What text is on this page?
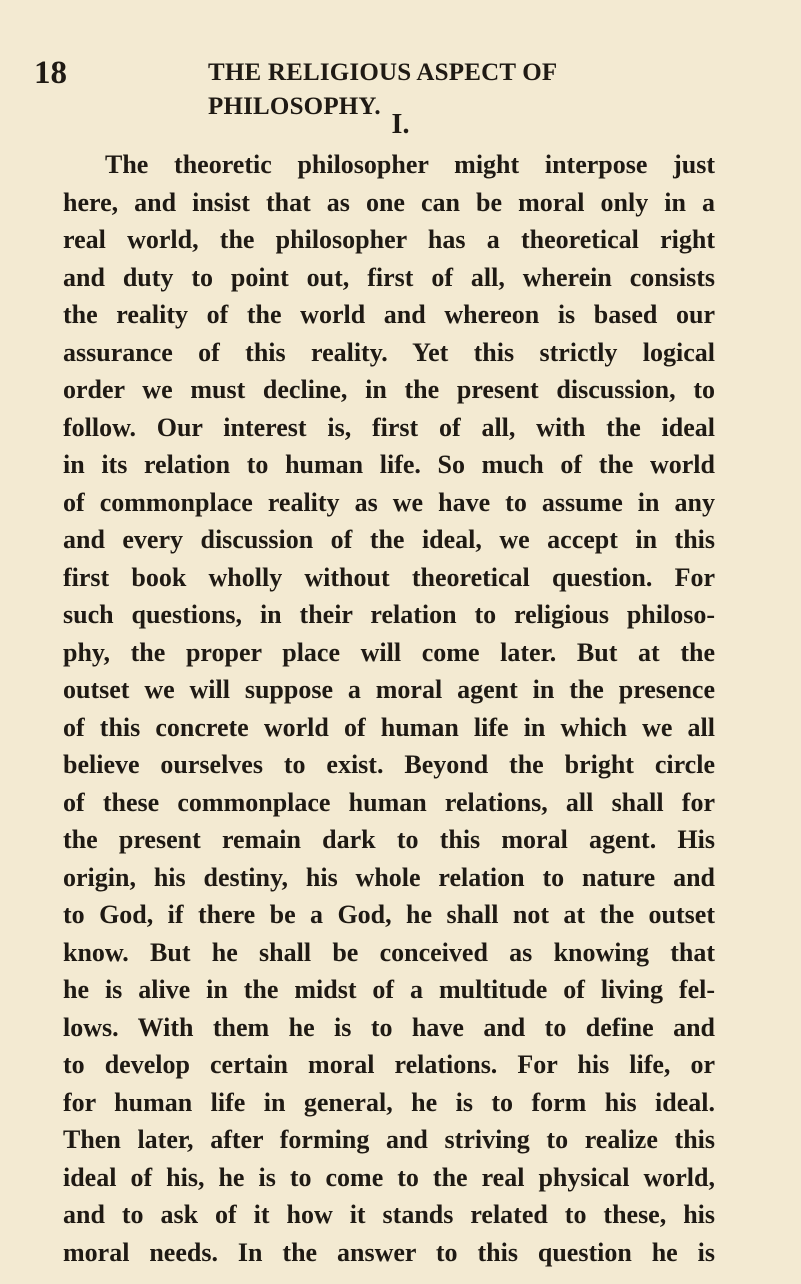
18	THE RELIGIOUS ASPECT OF PHILOSOPHY.
I.
The theoretic philosopher might interpose just
here, and insist that as one can be moral only in a
real world, the philosopher has a theoretical right
and duty to point out, first of all, wherein consists
the reality of the world and whereon is based our
assurance of this reality. Yet this strictly logical
order we must decline, in the present discussion, to
follow. Our interest is, first of all, with the ideal
in its relation to human life. So much of the world
of commonplace reality as we have to assume in any
and every discussion of the ideal, we accept in this
first book wholly without theoretical question. For
such questions, in their relation to religious philoso-
phy, the proper place will come later. But at the
outset we will suppose a moral agent in the presence
of this concrete world of human life in which we all
believe ourselves to exist. Beyond the bright circle
of these commonplace human relations, all shall for
the present remain dark to this moral agent. His
origin, his destiny, his whole relation to nature and
to God, if there be a God, he shall not at the outset
know. But he shall be conceived as knowing that
he is alive in the midst of a multitude of living fel-
lows. With them he is to have and to define and
to develop certain moral relations. For his life, or
for human life in general, he is to form his ideal.
Then later, after forming and striving to realize this
ideal of his, he is to come to the real physical world,
and to ask of it how it stands related to these, his
moral needs. In the answer to this question he is
